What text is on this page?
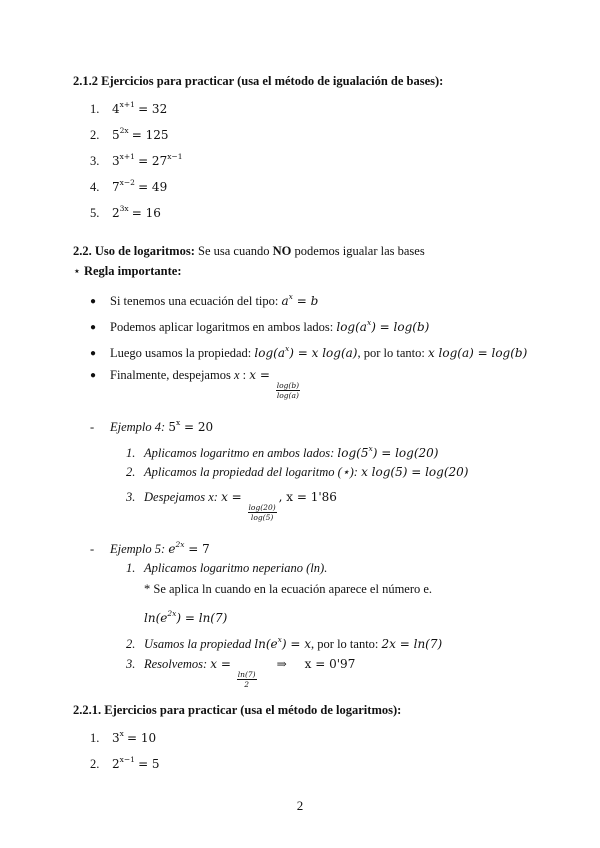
2.1.2 Ejercicios para practicar (usa el método de igualación de bases):
1. $4^{x+1} = 32$
2. $5^{2x} = 125$
3. $3^{x+1} = 27^{x-1}$
4. $7^{x-2} = 49$
5. $2^{3x} = 16$
2.2. Uso de logaritmos: Se usa cuando NO podemos igualar las bases
⋆ Regla importante:
● Si tenemos una ecuación del tipo: $a^x = b$
● Podemos aplicar logaritmos en ambos lados: $\log(a^x) = \log(b)$
● Luego usamos la propiedad: $\log(a^x) = x$ log(a), por lo tanto: x log(a) = log(b)
● Finalmente, despejamos x : x =
$\frac{\log(b)}{\log(a)}$
- Ejemplo 4: $5^x = 20$
1. Aplicamos logaritmo en ambos lados: $\log(5^x) = \log(20)$
2. Aplicamos la propiedad del logaritmo (⋆): x log(5) = log(20)
3. Despejamos x: x =
$\frac{\log(20)}{\log(5)}$
, x = 1'86
- Ejemplo 5: $e^{2x} = 7$
1. Aplicamos logaritmo neperiano (ln).
* Se aplica ln cuando en la ecuación aparece el número e.
$\ln(e^{2x}) = \ln(7)$
2. Usamos la propiedad $\ln(e^x) = x$, por lo tanto: 2x = ln(7)
3. Resolvemos: x =
$\frac{\ln(7)}{2}$
⇒ x = 0'97
2.2.1. Ejercicios para practicar (usa el método de logaritmos):
1. $3^x = 10$
2. $2^{x-1} = 5$
2
